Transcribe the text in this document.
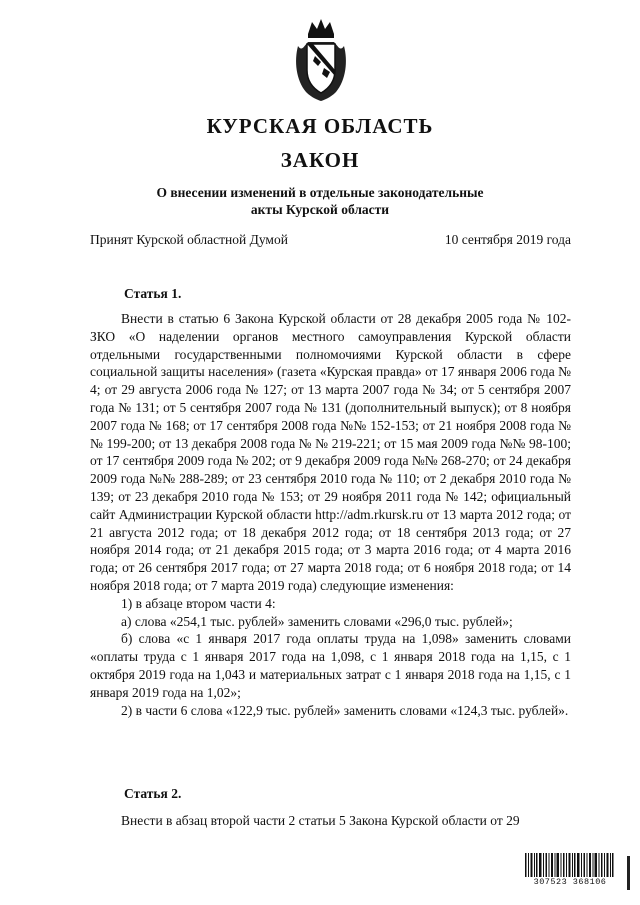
КУРСКАЯ ОБЛАСТЬ
ЗАКОН
О внесении изменений в отдельные законодательные
акты Курской области
Принят Курской областной Думой	10 сентября 2019 года
Статья 1.

Внести в статью 6 Закона Курской области от 28 декабря 2005 года № 102-ЗКО «О наделении органов местного самоуправления Курской области отдельными государственными полномочиями Курской области в сфере социальной защиты населения» (газета «Курская правда» от 17 января 2006 года № 4; от 29 августа 2006 года № 127; от 13 марта 2007 года № 34; от 5 сентября 2007 года № 131; от 5 сентября 2007 года № 131 (дополнительный выпуск); от 8 ноября 2007 года № 168; от 17 сентября 2008 года №№ 152-153; от 21 ноября 2008 года №№ 199-200; от 13 декабря 2008 года № № 219-221; от 15 мая 2009 года №№ 98-100; от 17 сентября 2009 года № 202; от 9 декабря 2009 года №№ 268-270; от 24 декабря 2009 года №№ 288-289; от 23 сентября 2010 года № 110; от 2 декабря 2010 года № 139; от 23 декабря 2010 года № 153; от 29 ноября 2011 года № 142; официальный сайт Администрации Курской области http://adm.rkursk.ru от 13 марта 2012 года; от 21 августа 2012 года; от 18 декабря 2012 года; от 18 сентября 2013 года; от 27 ноября 2014 года; от 21 декабря 2015 года; от 3 марта 2016 года; от 4 марта 2016 года; от 26 сентября 2017 года; от 27 марта 2018 года; от 6 ноября 2018 года; от 14 ноября 2018 года; от 7 марта 2019 года) следующие изменения:

1) в абзаце втором части 4:

а) слова «254,1 тыс. рублей» заменить словами «296,0 тыс. рублей»;

б) слова «с 1 января 2017 года оплаты труда на 1,098» заменить словами «оплаты труда с 1 января 2017 года на 1,098, с 1 января 2018 года на 1,15, с 1 октября 2019 года на 1,043 и материальных затрат с 1 января 2018 года на 1,15, с 1 января 2019 года на 1,02»;

2) в части 6 слова «122,9 тыс. рублей» заменить словами «124,3 тыс. рублей».

Статья 2.
Внести в абзац второй части 2 статьи 5 Закона Курской области от 29
307523 368106
